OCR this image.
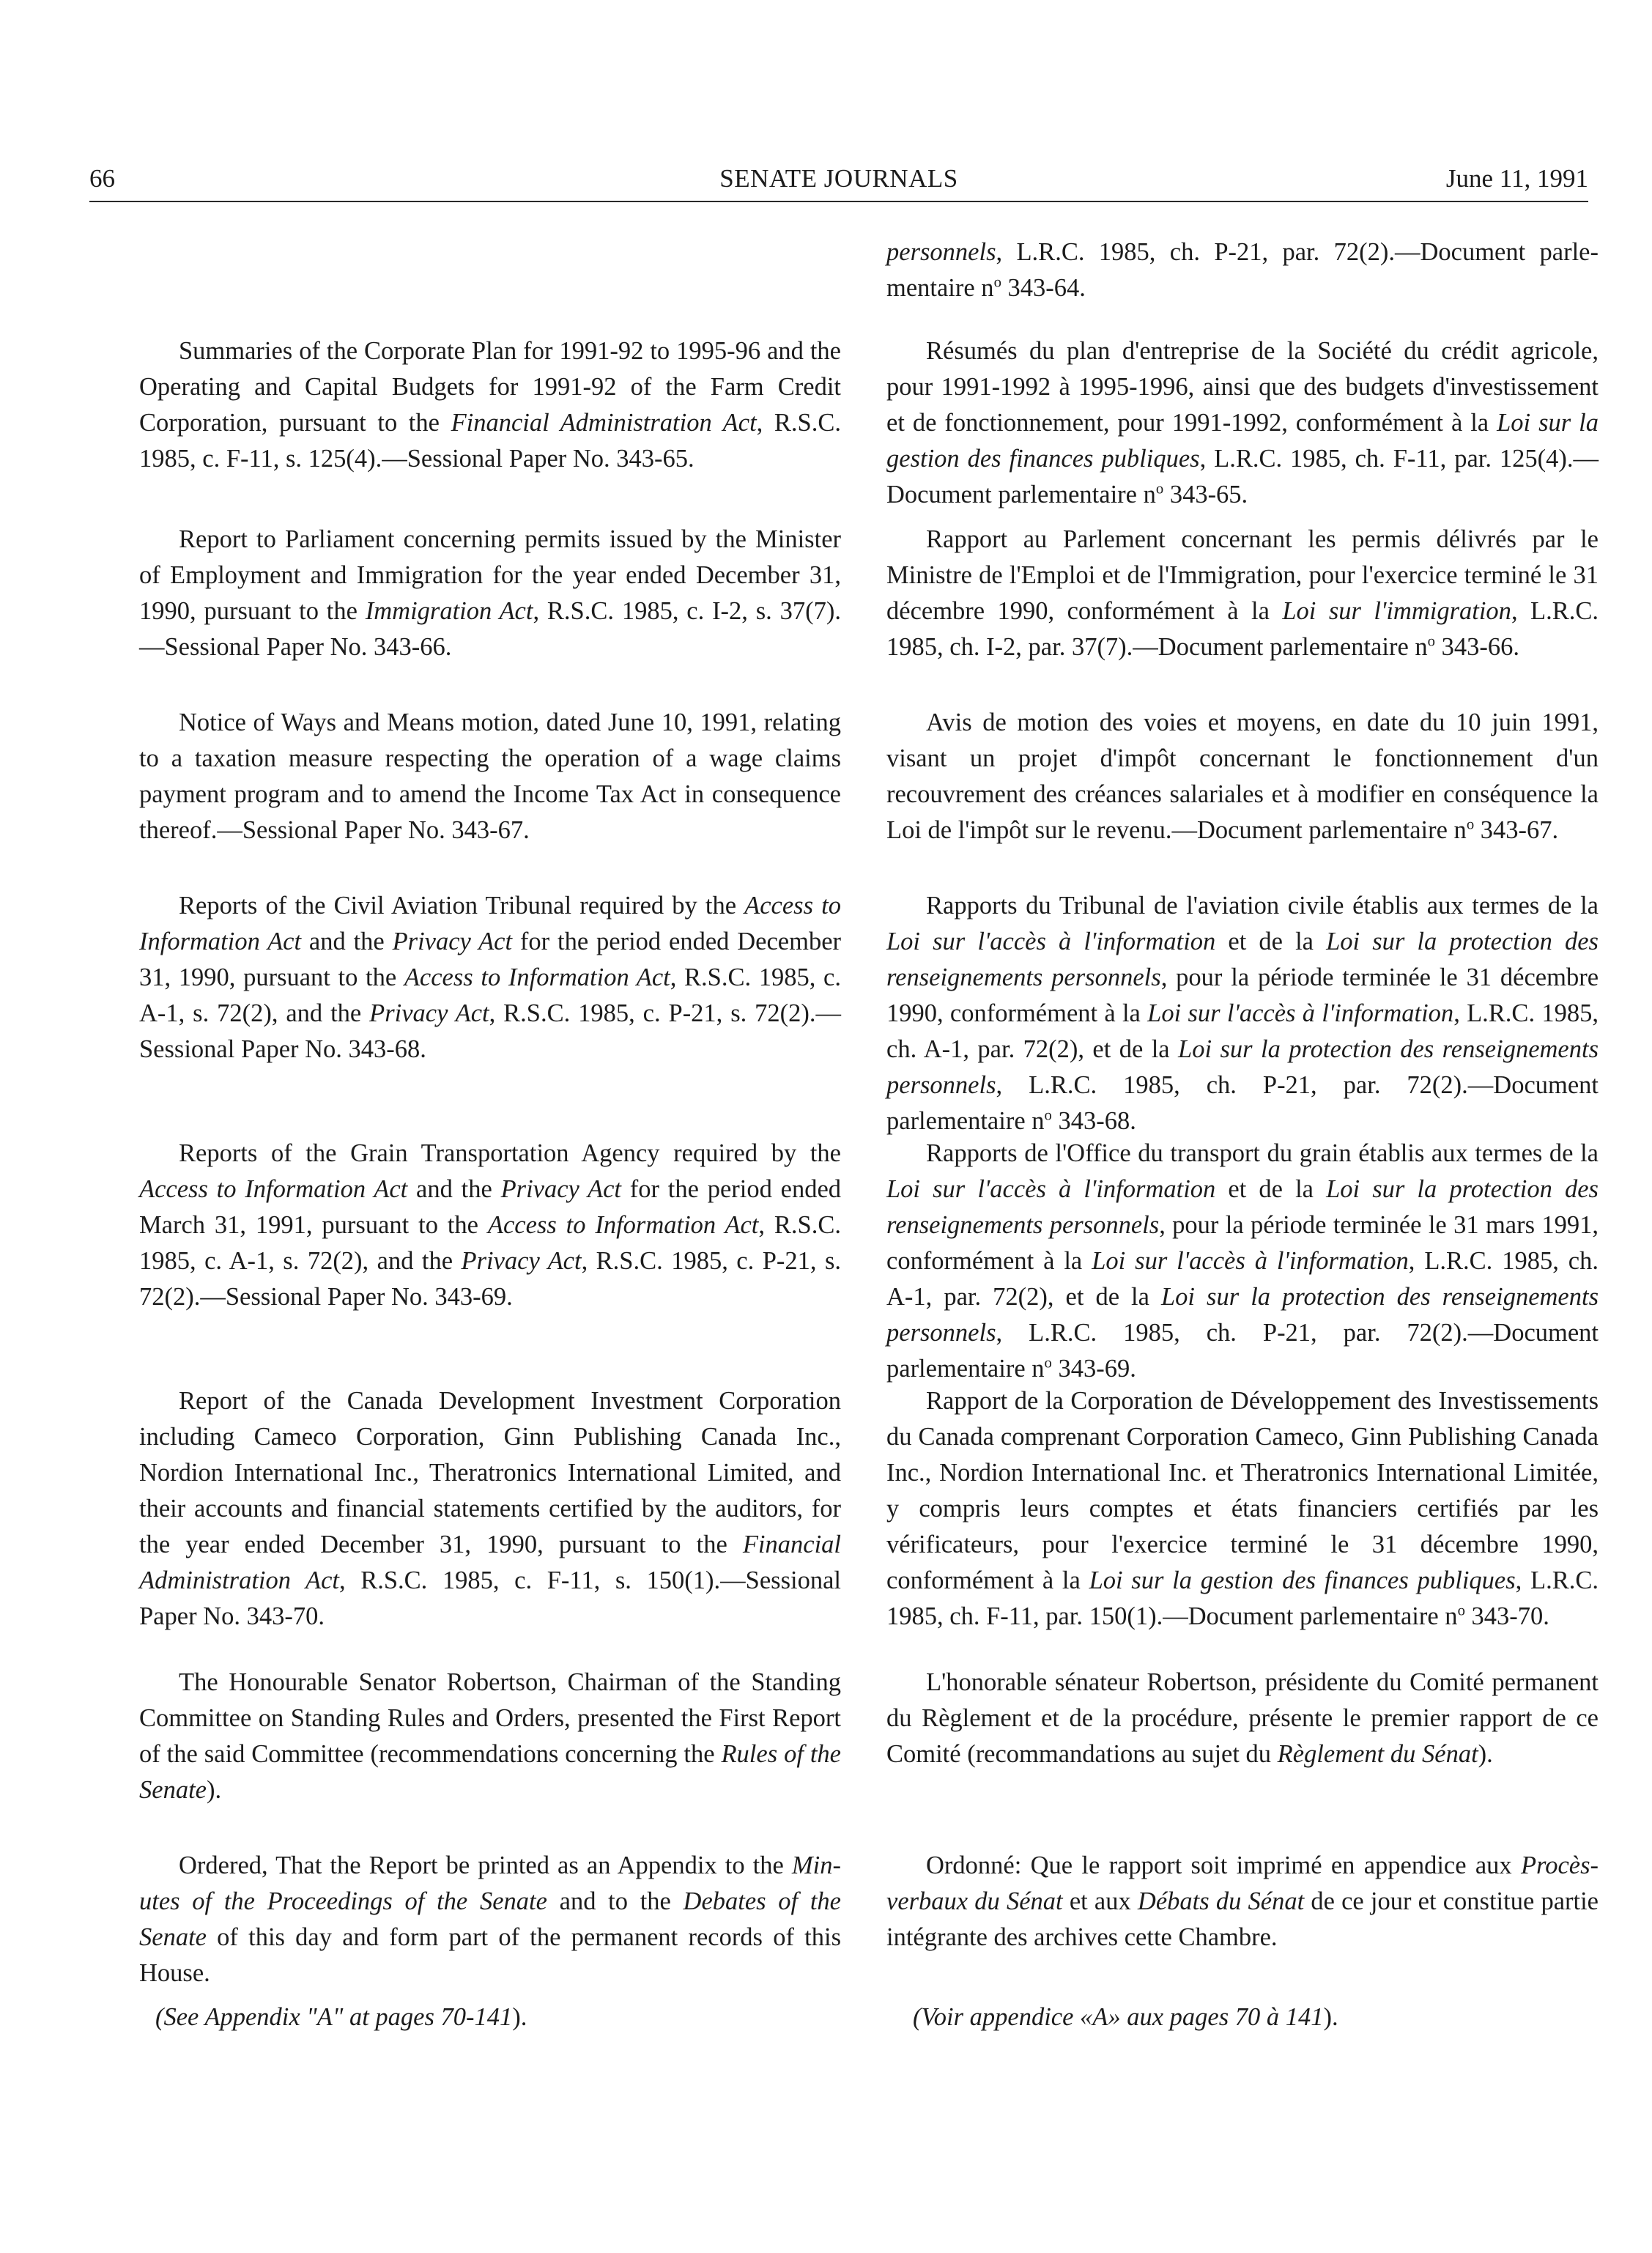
66	SENATE JOURNALS	June 11, 1991

Summaries of the Corporate Plan for 1991-92 to 1995-96 and the Operating and Capital Budgets for 1991-92 of the Farm Credit Corporation, pursuant to the Financial Administration Act, R.S.C. 1985, c. F-11, s. 125(4).—Sessional Paper No. 343-65.

Report to Parliament concerning permits issued by the Minister of Employment and Immigration for the year ended December 31, 1990, pursuant to the Immigration Act, R.S.C. 1985, c. I-2, s. 37(7).—Sessional Paper No. 343-66.

Notice of Ways and Means motion, dated June 10, 1991, relating to a taxation measure respecting the operation of a wage claims payment program and to amend the Income Tax Act in consequence thereof.—Sessional Paper No. 343-67.

Reports of the Civil Aviation Tribunal required by the Access to Information Act and the Privacy Act for the period ended December 31, 1990, pursuant to the Access to Information Act, R.S.C. 1985, c. A-1, s. 72(2), and the Privacy Act, R.S.C. 1985, c. P-21, s. 72(2).—Sessional Paper No. 343-68.

Reports of the Grain Transportation Agency required by the Access to Information Act and the Privacy Act for the period ended March 31, 1991, pursuant to the Access to Information Act, R.S.C. 1985, c. A-1, s. 72(2), and the Privacy Act, R.S.C. 1985, c. P-21, s. 72(2).—Sessional Paper No. 343-69.

Report of the Canada Development Investment Corporation including Cameco Corporation, Ginn Publishing Canada Inc., Nordion International Inc., Theratronics International Limited, and their accounts and financial statements certified by the auditors, for the year ended December 31, 1990, pursuant to the Financial Administration Act, R.S.C. 1985, c. F-11, s. 150(1).—Sessional Paper No. 343-70.

The Honourable Senator Robertson, Chairman of the Standing Committee on Standing Rules and Orders, presented the First Report of the said Committee (recommendations concerning the Rules of the Senate).

Ordered, That the Report be printed as an Appendix to the Minutes of the Proceedings of the Senate and to the Debates of the Senate of this day and form part of the permanent records of this House.

(See Appendix "A" at pages 70-141).

personnels, L.R.C. 1985, ch. P-21, par. 72(2).—Document parlementaire $n^o$ 343-64.

Résumés du plan d'entreprise de la Société du crédit agricole, pour 1991-1992 à 1995-1996, ainsi que des budgets d'investissement et de fonctionnement, pour 1991-1992, conformément à la Loi sur la gestion des finances publiques, L.R.C. 1985, ch. F-11, par. 125(4).—Document parlementaire $n^o$ 343-65.

Rapport au Parlement concernant les permis délivrés par le Ministre de l'Emploi et de l'Immigration, pour l'exercice terminé le 31 décembre 1990, conformément à la Loi sur l'immigration, L.R.C. 1985, ch. I-2, par. 37(7).—Document parlementaire $n^o$ 343-66.

Avis de motion des voies et moyens, en date du 10 juin 1991, visant un projet d'impôt concernant le fonctionnement d'un recouvrement des créances salariales et à modifier en conséquence la Loi de l'impôt sur le revenu.—Document parlementaire $n^o$ 343-67.

Rapports du Tribunal de l'aviation civile établis aux termes de la Loi sur l'accès à l'information et de la Loi sur la protection des renseignements personnels, pour la période terminée le 31 décembre 1990, conformément à la Loi sur l'accès à l'information, L.R.C. 1985, ch. A-1, par. 72(2), et de la Loi sur la protection des renseignements personnels, L.R.C. 1985, ch. P-21, par. 72(2).—Document parlementaire $n^o$ 343-68.

Rapports de l'Office du transport du grain établis aux termes de la Loi sur l'accès à l'information et de la Loi sur la protection des renseignements personnels, pour la période terminée le 31 mars 1991, conformément à la Loi sur l'accès à l'information, L.R.C. 1985, ch. A-1, par. 72(2), et de la Loi sur la protection des renseignements personnels, L.R.C. 1985, ch. P-21, par. 72(2).—Document parlementaire $n^o$ 343-69.

Rapport de la Corporation de Développement des Investissements du Canada comprenant Corporation Cameco, Ginn Publishing Canada Inc., Nordion International Inc. et Theratronics International Limitée, y compris leurs comptes et états financiers certifiés par les vérificateurs, pour l'exercice terminé le 31 décembre 1990, conformément à la Loi sur la gestion des finances publiques, L.R.C. 1985, ch. F-11, par. 150(1).—Document parlementaire $n^o$ 343-70.

L'honorable sénateur Robertson, présidente du Comité permanent du Règlement et de la procédure, présente le premier rapport de ce Comité (recommandations au sujet du Règlement du Sénat).

Ordonné: Que le rapport soit imprimé en appendice aux Procès-verbaux du Sénat et aux Débats du Sénat de ce jour et constitue partie intégrante des archives cette Chambre.

(Voir appendice «A» aux pages 70 à 141).
